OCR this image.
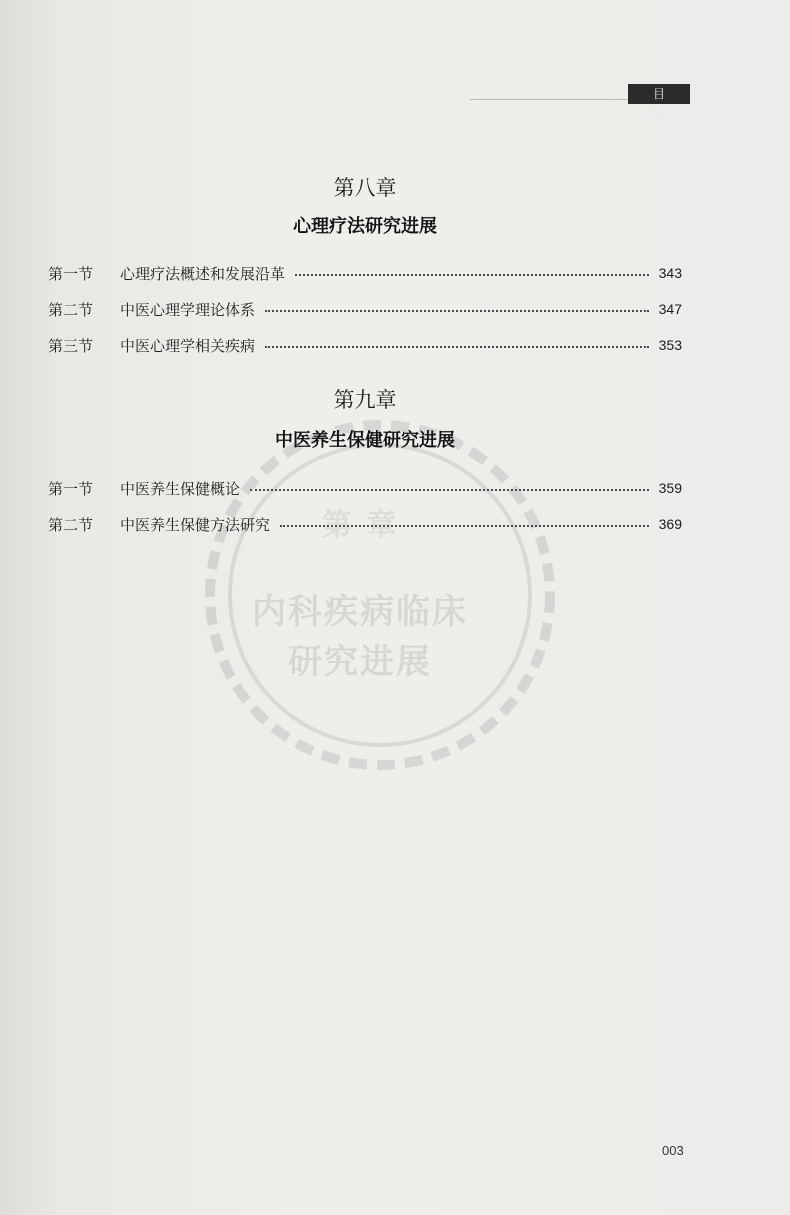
目 录
第 章
内科疾病临床
研究进展
第八章
心理疗法研究进展
第一节	心理疗法概述和发展沿革	343
第二节	中医心理学理论体系	347
第三节	中医心理学相关疾病	353
第九章
中医养生保健研究进展
第一节	中医养生保健概论	359
第二节	中医养生保健方法研究	369
003
